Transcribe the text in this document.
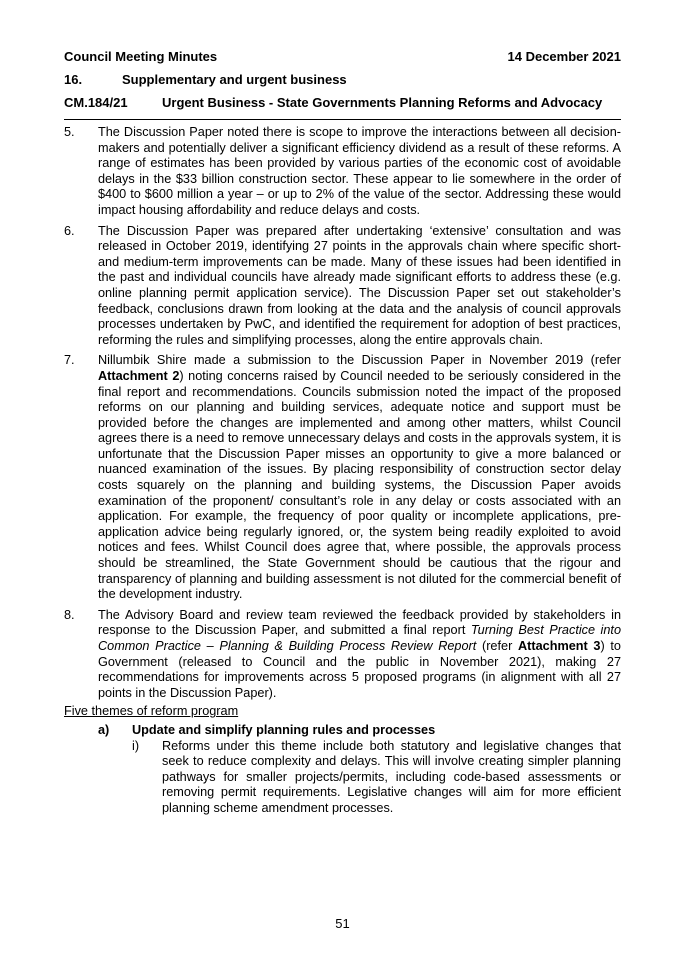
Council Meeting Minutes	14 December 2021
16.	Supplementary and urgent business
CM.184/21	Urgent Business - State Governments Planning Reforms and Advocacy
5.	The Discussion Paper noted there is scope to improve the interactions between all decision-makers and potentially deliver a significant efficiency dividend as a result of these reforms. A range of estimates has been provided by various parties of the economic cost of avoidable delays in the $33 billion construction sector. These appear to lie somewhere in the order of $400 to $600 million a year – or up to 2% of the value of the sector. Addressing these would impact housing affordability and reduce delays and costs.
6.	The Discussion Paper was prepared after undertaking ‘extensive’ consultation and was released in October 2019, identifying 27 points in the approvals chain where specific short- and medium-term improvements can be made. Many of these issues had been identified in the past and individual councils have already made significant efforts to address these (e.g. online planning permit application service). The Discussion Paper set out stakeholder’s feedback, conclusions drawn from looking at the data and the analysis of council approvals processes undertaken by PwC, and identified the requirement for adoption of best practices, reforming the rules and simplifying processes, along the entire approvals chain.
7.	Nillumbik Shire made a submission to the Discussion Paper in November 2019 (refer Attachment 2) noting concerns raised by Council needed to be seriously considered in the final report and recommendations. Councils submission noted the impact of the proposed reforms on our planning and building services, adequate notice and support must be provided before the changes are implemented and among other matters, whilst Council agrees there is a need to remove unnecessary delays and costs in the approvals system, it is unfortunate that the Discussion Paper misses an opportunity to give a more balanced or nuanced examination of the issues. By placing responsibility of construction sector delay costs squarely on the planning and building systems, the Discussion Paper avoids examination of the proponent/ consultant’s role in any delay or costs associated with an application. For example, the frequency of poor quality or incomplete applications, pre-application advice being regularly ignored, or, the system being readily exploited to avoid notices and fees. Whilst Council does agree that, where possible, the approvals process should be streamlined, the State Government should be cautious that the rigour and transparency of planning and building assessment is not diluted for the commercial benefit of the development industry.
8.	The Advisory Board and review team reviewed the feedback provided by stakeholders in response to the Discussion Paper, and submitted a final report Turning Best Practice into Common Practice – Planning & Building Process Review Report (refer Attachment 3) to Government (released to Council and the public in November 2021), making 27 recommendations for improvements across 5 proposed programs (in alignment with all 27 points in the Discussion Paper).
Five themes of reform program
a)	Update and simplify planning rules and processes
i)	Reforms under this theme include both statutory and legislative changes that seek to reduce complexity and delays. This will involve creating simpler planning pathways for smaller projects/permits, including code-based assessments or removing permit requirements. Legislative changes will aim for more efficient planning scheme amendment processes.
51
